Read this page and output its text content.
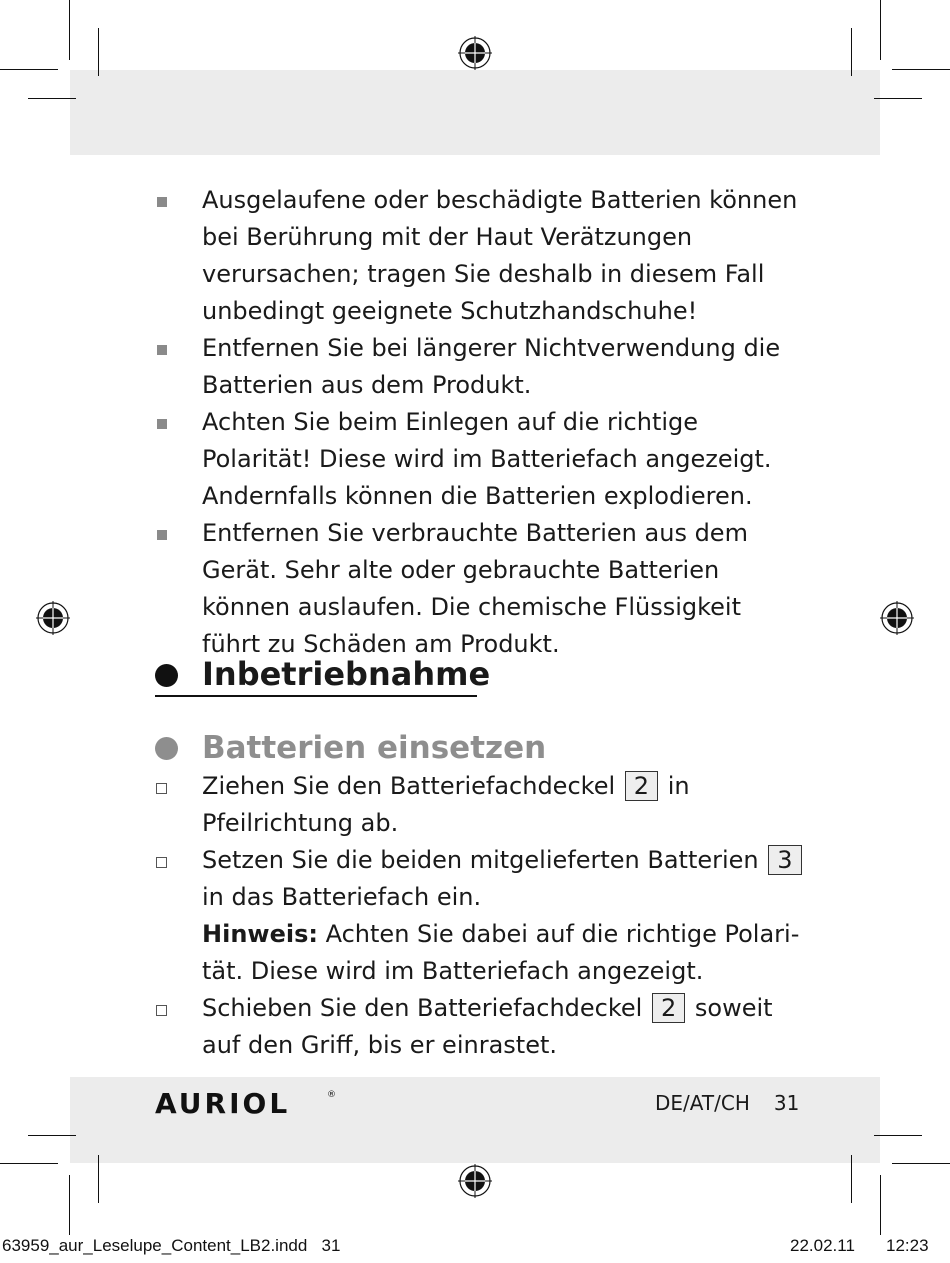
Ausgelaufene oder beschädigte Batterien können bei Berührung mit der Haut Verätzungen verursachen; tragen Sie deshalb in diesem Fall unbedingt geeignete Schutzhandschuhe!
Entfernen Sie bei längerer Nichtverwendung die Batterien aus dem Produkt.
Achten Sie beim Einlegen auf die richtige Polarität! Diese wird im Batteriefach angezeigt. Andernfalls können die Batterien explodieren.
Entfernen Sie verbrauchte Batterien aus dem Gerät. Sehr alte oder gebrauchte Batterien können auslaufen. Die chemische Flüssigkeit führt zu Schäden am Produkt.
Inbetriebnahme
Batterien einsetzen
Ziehen Sie den Batteriefachdeckel 2 in Pfeilrichtung ab.
Setzen Sie die beiden mitgelieferten Batterien 3 in das Batteriefach ein.
Hinweis: Achten Sie dabei auf die richtige Polari- tät. Diese wird im Batteriefach angezeigt.
Schieben Sie den Batteriefachdeckel 2 soweit auf den Griff, bis er einrastet.
AURIOL	®	DE/AT/CH 31
63959_aur_Leselupe_Content_LB2.indd   31	22.02.11 12:23
